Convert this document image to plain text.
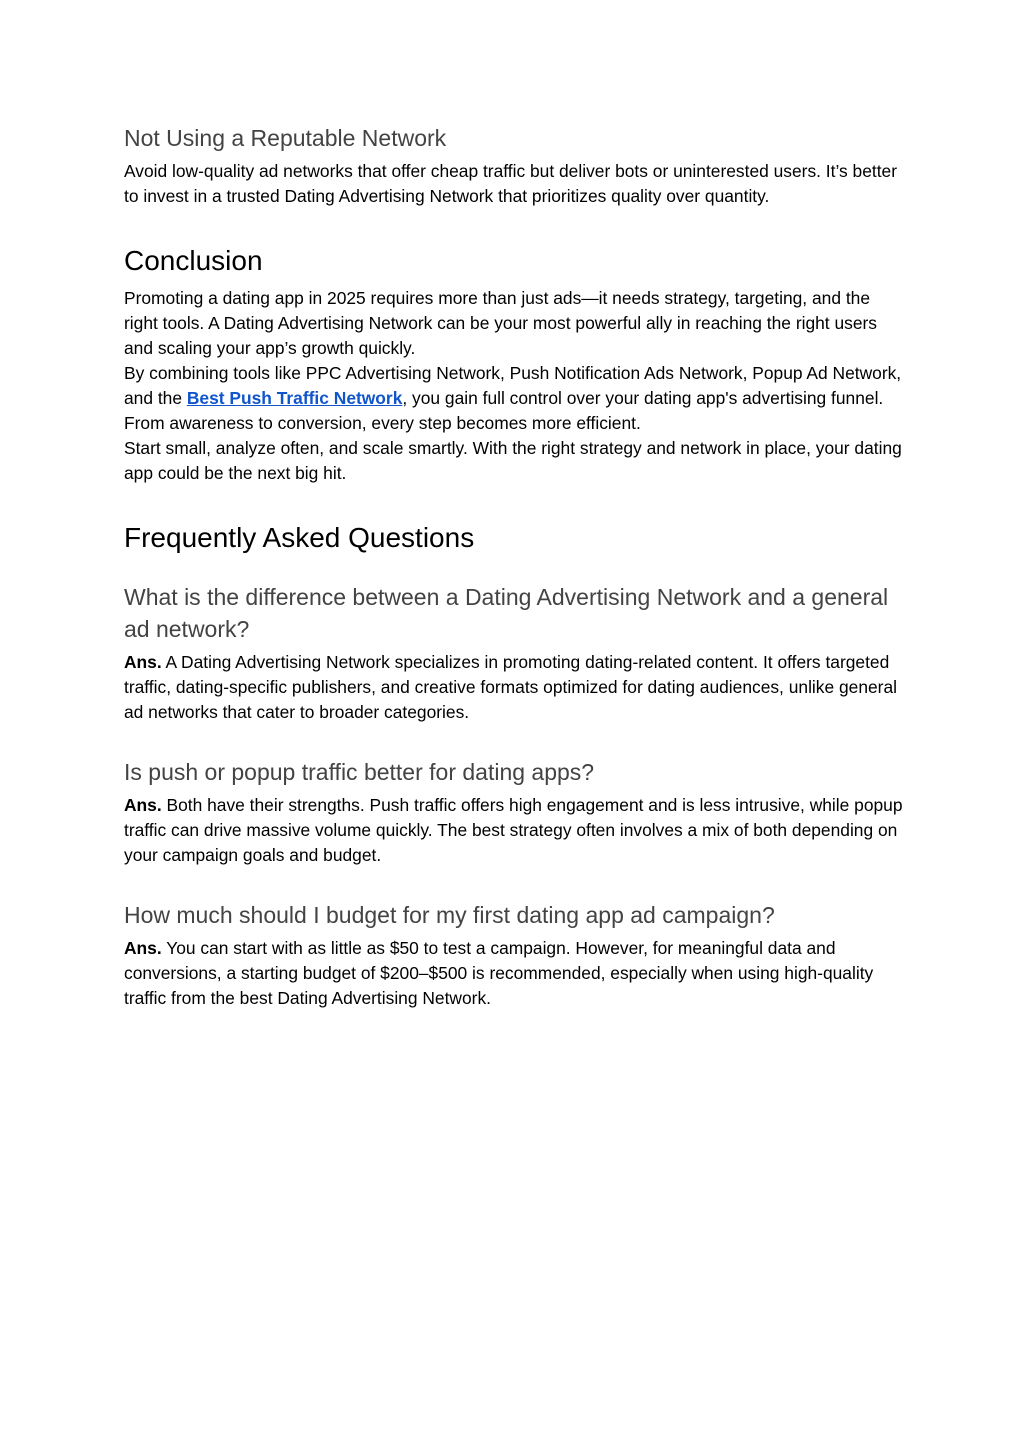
Not Using a Reputable Network

Avoid low-quality ad networks that offer cheap traffic but deliver bots or uninterested users. It’s better to invest in a trusted Dating Advertising Network that prioritizes quality over quantity.

Conclusion

Promoting a dating app in 2025 requires more than just ads—it needs strategy, targeting, and the right tools. A Dating Advertising Network can be your most powerful ally in reaching the right users and scaling your app’s growth quickly.

By combining tools like PPC Advertising Network, Push Notification Ads Network, Popup Ad Network, and the Best Push Traffic Network, you gain full control over your dating app's advertising funnel. From awareness to conversion, every step becomes more efficient.

Start small, analyze often, and scale smartly. With the right strategy and network in place, your dating app could be the next big hit.

Frequently Asked Questions
What is the difference between a Dating Advertising Network and a general ad network?

Ans. A Dating Advertising Network specializes in promoting dating-related content. It offers targeted traffic, dating-specific publishers, and creative formats optimized for dating audiences, unlike general ad networks that cater to broader categories.

Is push or popup traffic better for dating apps?

Ans. Both have their strengths. Push traffic offers high engagement and is less intrusive, while popup traffic can drive massive volume quickly. The best strategy often involves a mix of both depending on your campaign goals and budget.

How much should I budget for my first dating app ad campaign?

Ans. You can start with as little as $50 to test a campaign. However, for meaningful data and conversions, a starting budget of $200–$500 is recommended, especially when using high-quality traffic from the best Dating Advertising Network.
